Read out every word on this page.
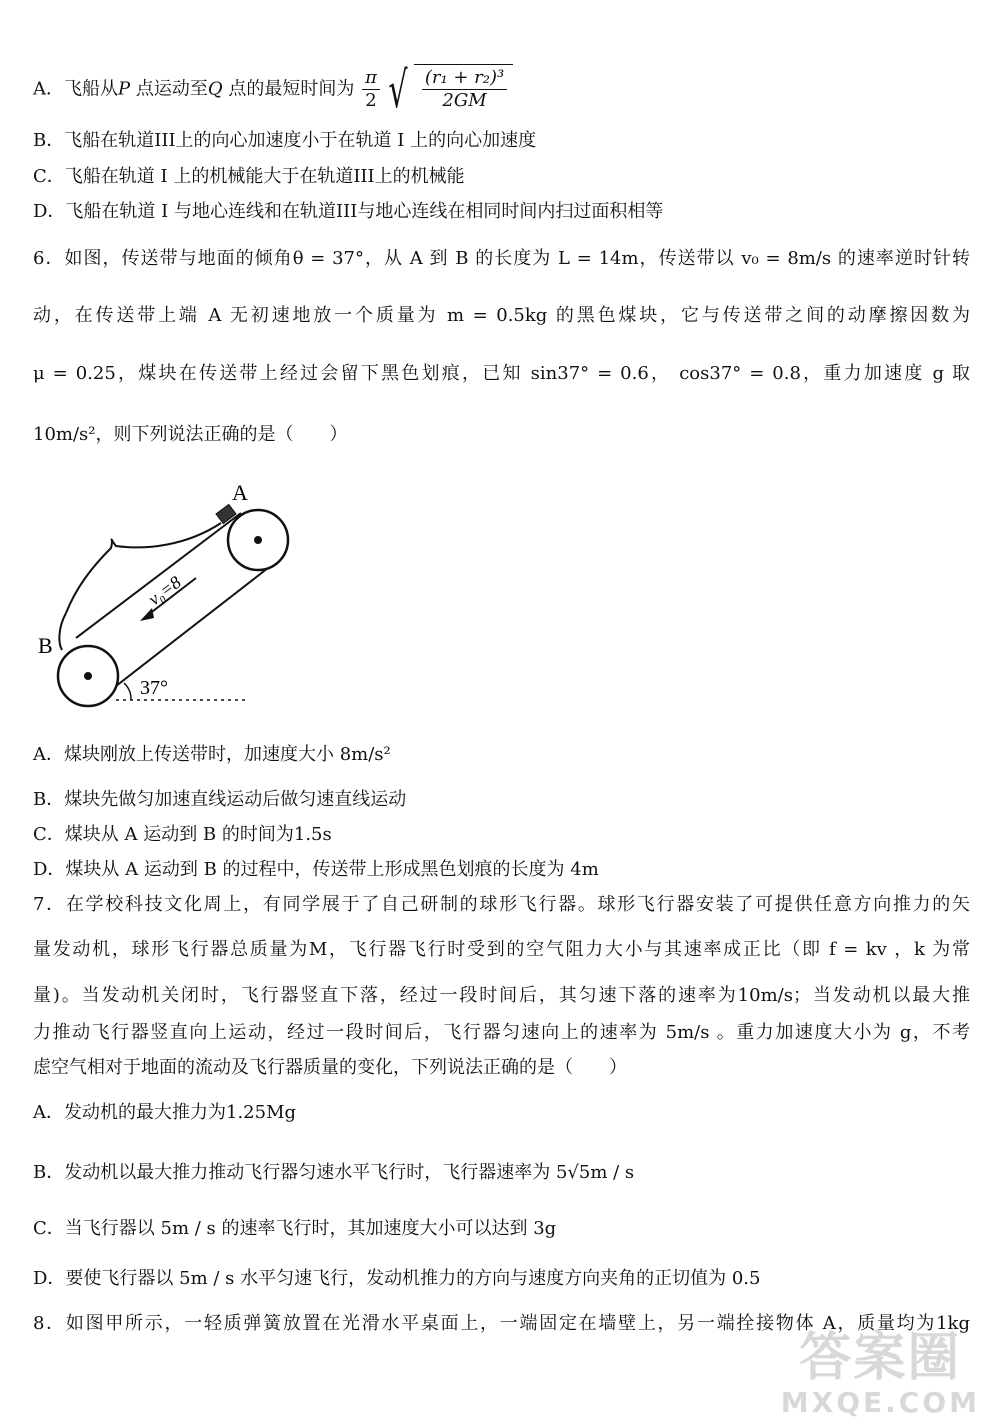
A．飞船从P 点运动至Q 点的最短时间为 $\frac{\pi}{2}$ √ $\frac{\text{(r₁ + r₂)³}}{2GM}$
B．飞船在轨道III上的向心加速度小于在轨道 I 上的向心加速度
C．飞船在轨道 I 上的机械能大于在轨道III上的机械能
D．飞船在轨道 I 与地心连线和在轨道III与地心连线在相同时间内扫过面积相等
6．如图，传送带与地面的倾角θ = 37°，从 A 到 B 的长度为 L = 14m，传送带以 v₀ = 8m/s 的速率逆时针转
动，在传送带上端 A 无初速地放一个质量为 m = 0.5kg 的黑色煤块，它与传送带之间的动摩擦因数为
μ = 0.25，煤块在传送带上经过会留下黑色划痕，已知 sin37° = 0.6， cos37° = 0.8，重力加速度 g 取
10m/s²，则下列说法正确的是（　　）
A
B
37°
v₀=8
A．煤块刚放上传送带时，加速度大小 8m/s²
B．煤块先做匀加速直线运动后做匀速直线运动
C．煤块从 A 运动到 B 的时间为1.5s
D．煤块从 A 运动到 B 的过程中，传送带上形成黑色划痕的长度为 4m
7．在学校科技文化周上，有同学展于了自己研制的球形飞行器。球形飞行器安装了可提供任意方向推力的矢
量发动机，球形飞行器总质量为M，飞行器飞行时受到的空气阻力大小与其速率成正比（即 f = kv ，k 为常
量)。当发动机关闭时，飞行器竖直下落，经过一段时间后，其匀速下落的速率为10m/s；当发动机以最大推
力推动飞行器竖直向上运动，经过一段时间后，飞行器匀速向上的速率为 5m/s 。重力加速度大小为 g，不考
虑空气相对于地面的流动及飞行器质量的变化，下列说法正确的是（　　）
A．发动机的最大推力为1.25Mg
B．发动机以最大推力推动飞行器匀速水平飞行时，飞行器速率为 5√5m / s
C．当飞行器以 5m / s 的速率飞行时，其加速度大小可以达到 3g
D．要使飞行器以 5m / s 水平匀速飞行，发动机推力的方向与速度方向夹角的正切值为 0.5
8．如图甲所示，一轻质弹簧放置在光滑水平桌面上，一端固定在墙壁上，另一端拴接物体 A，质量均为1kg
答案圈
MXQE.COM
